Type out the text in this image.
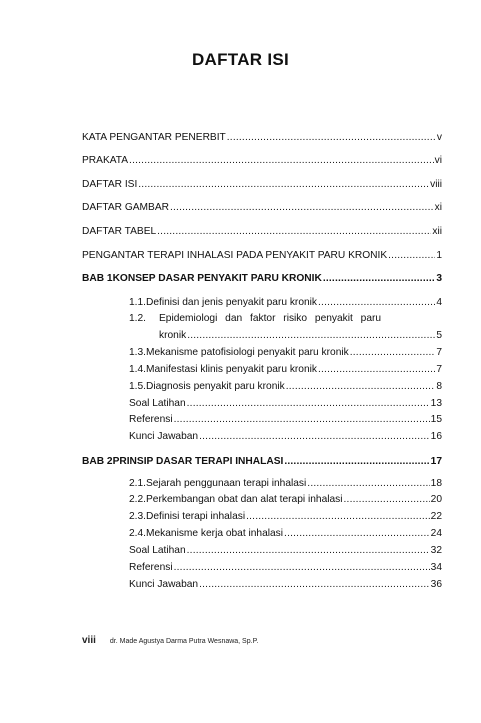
DAFTAR ISI
KATA PENGANTAR PENERBIT .....	v
PRAKATA .....	vi
DAFTAR ISI .....	viii
DAFTAR GAMBAR .....	xi
DAFTAR TABEL .....	xii
PENGANTAR TERAPI INHALASI PADA PENYAKIT PARU KRONIK .....	1
BAB 1 KONSEP DASAR PENYAKIT PARU KRONIK .....	3
1.1. Definisi dan jenis penyakit paru kronik .....	4
1.2.	Epidemiologi dan faktor risiko penyakit paru
kronik .....	5
1.3. Mekanisme patofisiologi penyakit paru kronik .....	7
1.4. Manifestasi klinis penyakit paru kronik .....	7
1.5. Diagnosis penyakit paru kronik .....	8
Soal Latihan .....	13
Referensi .....	15
Kunci Jawaban .....	16
BAB 2 PRINSIP DASAR TERAPI INHALASI .....	17
2.1. Sejarah penggunaan terapi inhalasi .....	18
2.2. Perkembangan obat dan alat terapi inhalasi .....	20
2.3. Definisi terapi inhalasi .....	22
2.4. Mekanisme kerja obat inhalasi .....	24
Soal Latihan .....	32
Referensi .....	34
Kunci Jawaban .....	36
viii dr. Made Agustya Darma Putra Wesnawa, Sp.P.
